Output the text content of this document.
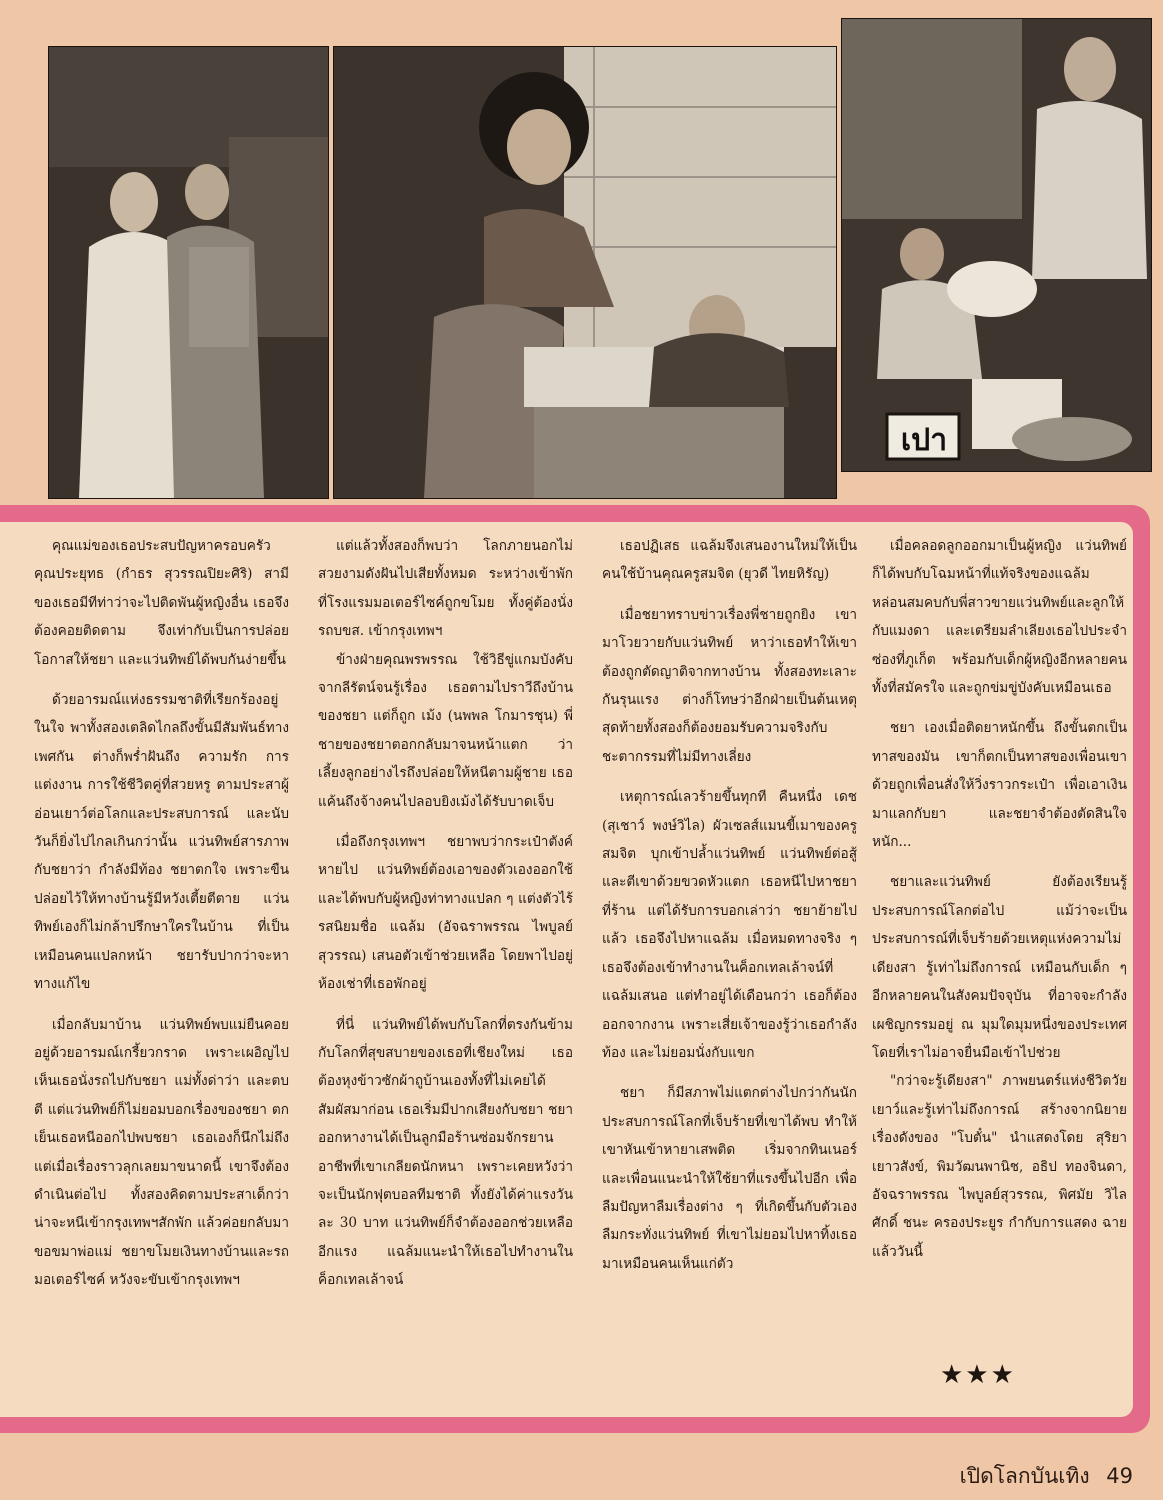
เปา

คุณแม่ของเธอประสบปัญหาครอบครัว คุณประยุทธ (กำธร สุวรรณปิยะศิริ) สามีของเธอมีทีท่าว่าจะไปติดพันผู้หญิงอื่น เธอจึงต้องคอยติดตาม จึงเท่ากับเป็นการปล่อยโอกาสให้ชยา และแว่นทิพย์ได้พบกันง่ายขึ้น

ด้วยอารมณ์แห่งธรรมชาติที่เรียกร้องอยู่ในใจ พาทั้งสองเตลิดไกลถึงขั้นมีสัมพันธ์ทางเพศกัน ต่างก็พร่ำฝันถึง ความรัก การแต่งงาน การใช้ชีวิตคู่ที่สวยหรู ตามประสาผู้อ่อนเยาว์ต่อโลกและประสบการณ์ และนับวันก็ยิ่งไปไกลเกินกว่านั้น แว่นทิพย์สารภาพกับชยาว่า กำลังมีท้อง ชยาตกใจ เพราะขืนปล่อยไว้ให้ทางบ้านรู้มีหวังเตี้ยตีตาย แว่นทิพย์เองก็ไม่กล้าปรึกษาใครในบ้าน ที่เป็นเหมือนคนแปลกหน้า ชยารับปากว่าจะหาทางแก้ไข

เมื่อกลับมาบ้าน แว่นทิพย์พบแม่ยืนคอยอยู่ด้วยอารมณ์เกรี้ยวกราด เพราะเผอิญไปเห็นเธอนั่งรถไปกับชยา แม่ทั้งด่าว่า และตบตี แต่แว่นทิพย์ก็ไม่ยอมบอกเรื่องของชยา ตกเย็นเธอหนีออกไปพบชยา เธอเองก็นึกไม่ถึง แต่เมื่อเรื่องราวลุกเลยมาขนาดนี้ เขาจึงต้องดำเนินต่อไป ทั้งสองคิดตามประสาเด็กว่า น่าจะหนีเข้ากรุงเทพฯสักพัก แล้วค่อยกลับมาขอขมาพ่อแม่ ชยาขโมยเงินทางบ้านและรถมอเตอร์ไซค์ หวังจะขับเข้ากรุงเทพฯ

แต่แล้วทั้งสองก็พบว่า โลกภายนอกไม่สวยงามดังฝันไปเสียทั้งหมด ระหว่างเข้าพักที่โรงแรมมอเตอร์ไซค์ถูกขโมย ทั้งคู่ต้องนั่งรถบขส. เข้ากรุงเทพฯ

ข้างฝ่ายคุณพรพรรณ ใช้วิธีขู่แกมบังคับจากลีรัตน์จนรู้เรื่อง เธอตามไปราวีถึงบ้านของชยา แต่ก็ถูก เม้ง (นพพล โกมารชุน) พี่ชายของชยาตอกกลับมาจนหน้าแตก ว่าเลี้ยงลูกอย่างไรถึงปล่อยให้หนีตามผู้ชาย เธอแค้นถึงจ้างคนไปลอบยิงเม้งได้รับบาดเจ็บ

เมื่อถึงกรุงเทพฯ ชยาพบว่ากระเป๋าตังค์หายไป แว่นทิพย์ต้องเอาของตัวเองออกใช้ และได้พบกับผู้หญิงท่าทางแปลก ๆ แต่งตัวไร้รสนิยมชื่อ แฉล้ม (อัจฉราพรรณ ไพบูลย์สุวรรณ) เสนอตัวเข้าช่วยเหลือ โดยพาไปอยู่ห้องเช่าที่เธอพักอยู่

ที่นี่ แว่นทิพย์ได้พบกับโลกที่ตรงกันข้ามกับโลกที่สุขสบายของเธอที่เชียงใหม่ เธอต้องหุงข้าวซักผ้าถูบ้านเองทั้งที่ไม่เคยได้สัมผัสมาก่อน เธอเริ่มมีปากเสียงกับชยา ชยาออกหางานได้เป็นลูกมือร้านซ่อมจักรยาน อาชีพที่เขาเกลียดนักหนา เพราะเคยหวังว่าจะเป็นนักฟุตบอลทีมชาติ ทั้งยังได้ค่าแรงวันละ 30 บาท แว่นทิพย์ก็จำต้องออกช่วยเหลืออีกแรง แฉล้มแนะนำให้เธอไปทำงานในค็อกเทลเล้าจน์

เธอปฏิเสธ แฉล้มจึงเสนองานใหม่ให้เป็นคนใช้บ้านคุณครูสมจิต (ยุวดี ไทยหิรัญ)

เมื่อชยาทราบข่าวเรื่องพี่ชายถูกยิง เขามาโวยวายกับแว่นทิพย์ หาว่าเธอทำให้เขาต้องถูกตัดญาติจากทางบ้าน ทั้งสองทะเลาะกันรุนแรง ต่างก็โทษว่าอีกฝ่ายเป็นต้นเหตุ สุดท้ายทั้งสองก็ต้องยอมรับความจริงกับชะตากรรมที่ไม่มีทางเลี่ยง

เหตุการณ์เลวร้ายขึ้นทุกที คืนหนึ่ง เดช (สุเชาว์ พงษ์วิไล) ผัวเซลส์แมนขี้เมาของครูสมจิต บุกเข้าปล้ำแว่นทิพย์ แว่นทิพย์ต่อสู้และตีเขาด้วยขวดหัวแตก เธอหนีไปหาชยาที่ร้าน แต่ได้รับการบอกเล่าว่า ชยาย้ายไปแล้ว เธอจึงไปหาแฉล้ม เมื่อหมดทางจริง ๆ เธอจึงต้องเข้าทำงานในค็อกเทลเล้าจน์ที่แฉล้มเสนอ แต่ทำอยู่ได้เดือนกว่า เธอก็ต้องออกจากงาน เพราะเสี่ยเจ้าของรู้ว่าเธอกำลังท้อง และไม่ยอมนั่งกับแขก

ชยา ก็มีสภาพไม่แตกต่างไปกว่ากันนัก ประสบการณ์โลกที่เจ็บร้ายที่เขาได้พบ ทำให้เขาหันเข้าหายาเสพติด เริ่มจากทินเนอร์ และเพื่อนแนะนำให้ใช้ยาที่แรงขึ้นไปอีก เพื่อลืมปัญหาลืมเรื่องต่าง ๆ ที่เกิดขึ้นกับตัวเอง ลืมกระทั่งแว่นทิพย์ ที่เขาไม่ยอมไปหาทิ้งเธอมาเหมือนคนเห็นแก่ตัว

เมื่อคลอดลูกออกมาเป็นผู้หญิง แว่นทิพย์ก็ได้พบกับโฉมหน้าที่แท้จริงของแฉล้ม หล่อนสมคบกับพี่สาวขายแว่นทิพย์และลูกให้กับแมงดา และเตรียมลำเลียงเธอไปประจำซ่องที่ภูเก็ต พร้อมกับเด็กผู้หญิงอีกหลายคนทั้งที่สมัครใจ และถูกข่มขู่บังคับเหมือนเธอ

ชยา เองเมื่อติดยาหนักขึ้น ถึงขั้นตกเป็นทาสของมัน เขาก็ตกเป็นทาสของเพื่อนเขาด้วยถูกเพื่อนสั่งให้วิ่งราวกระเป๋า เพื่อเอาเงินมาแลกกับยา และชยาจำต้องตัดสินใจหนัก...

ชยาและแว่นทิพย์ ยังต้องเรียนรู้ประสบการณ์โลกต่อไป แม้ว่าจะเป็นประสบการณ์ที่เจ็บร้ายด้วยเหตุแห่งความไม่เดียงสา รู้เท่าไม่ถึงการณ์ เหมือนกับเด็ก ๆ อีกหลายคนในสังคมปัจจุบัน ที่อาจจะกำลังเผชิญกรรมอยู่ ณ มุมใดมุมหนึ่งของประเทศ โดยที่เราไม่อาจยื่นมือเข้าไปช่วย

"กว่าจะรู้เดียงสา" ภาพยนตร์แห่งชีวิตวัยเยาว์และรู้เท่าไม่ถึงการณ์ สร้างจากนิยายเรื่องดังของ "โบตั๋น" นำแสดงโดย สุริยา เยาวสังข์, พิมวัฒนพานิช, อธิป ทองจินดา, อัจฉราพรรณ ไพบูลย์สุวรรณ, พิศมัย วิไลศักดิ์ ชนะ ครองประยูร กำกับการแสดง ฉายแล้ววันนี้

★★★
เปิดโลกบันเทิง 49
